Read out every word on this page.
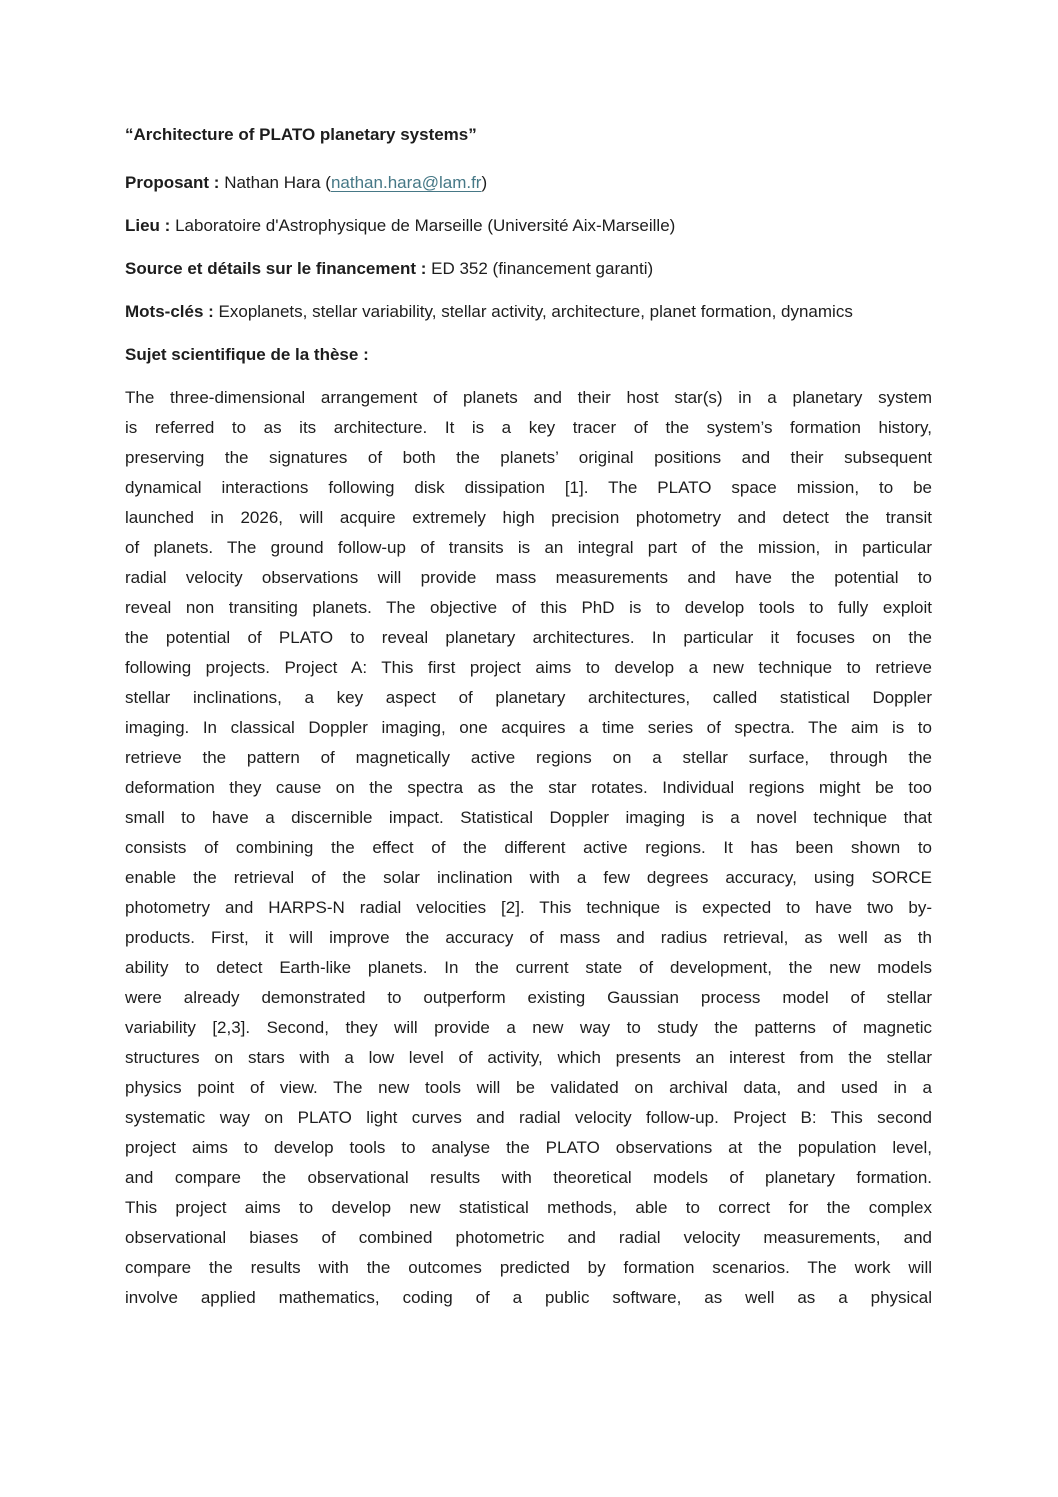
“Architecture of PLATO planetary systems”

Proposant : Nathan Hara (nathan.hara@lam.fr)

Lieu : Laboratoire d'Astrophysique de Marseille (Université Aix-Marseille)

Source et détails sur le financement : ED 352 (financement garanti)

Mots-clés : Exoplanets, stellar variability, stellar activity, architecture, planet formation, dynamics

Sujet scientifique de la thèse :

The three-dimensional arrangement of planets and their host star(s) in a planetary system
is referred to as its architecture. It is a key tracer of the system’s formation history,
preserving the signatures of both the planets’ original positions and their subsequent
dynamical interactions following disk dissipation [1]. The PLATO space mission, to be
launched in 2026, will acquire extremely high precision photometry and detect the transit
of planets. The ground follow-up of transits is an integral part of the mission, in particular
radial velocity observations will provide mass measurements and have the potential to
reveal non transiting planets. The objective of this PhD is to develop tools to fully exploit
the potential of PLATO to reveal planetary architectures. In particular it focuses on the
following projects. Project A: This first project aims to develop a new technique to retrieve
stellar inclinations, a key aspect of planetary architectures, called statistical Doppler
imaging. In classical Doppler imaging, one acquires a time series of spectra. The aim is to
retrieve the pattern of magnetically active regions on a stellar surface, through the
deformation they cause on the spectra as the star rotates. Individual regions might be too
small to have a discernible impact. Statistical Doppler imaging is a novel technique that
consists of combining the effect of the different active regions. It has been shown to
enable the retrieval of the solar inclination with a few degrees accuracy, using SORCE
photometry and HARPS-N radial velocities [2]. This technique is expected to have two by-
products. First, it will improve the accuracy of mass and radius retrieval, as well as th
ability to detect Earth-like planets. In the current state of development, the new models
were already demonstrated to outperform existing Gaussian process model of stellar
variability [2,3]. Second, they will provide a new way to study the patterns of magnetic
structures on stars with a low level of activity, which presents an interest from the stellar
physics point of view. The new tools will be validated on archival data, and used in a
systematic way on PLATO light curves and radial velocity follow-up. Project B: This second
project aims to develop tools to analyse the PLATO observations at the population level,
and compare the observational results with theoretical models of planetary formation.
This project aims to develop new statistical methods, able to correct for the complex
observational biases of combined photometric and radial velocity measurements, and
compare the results with the outcomes predicted by formation scenarios. The work will
involve applied mathematics, coding of a public software, as well as a physical
